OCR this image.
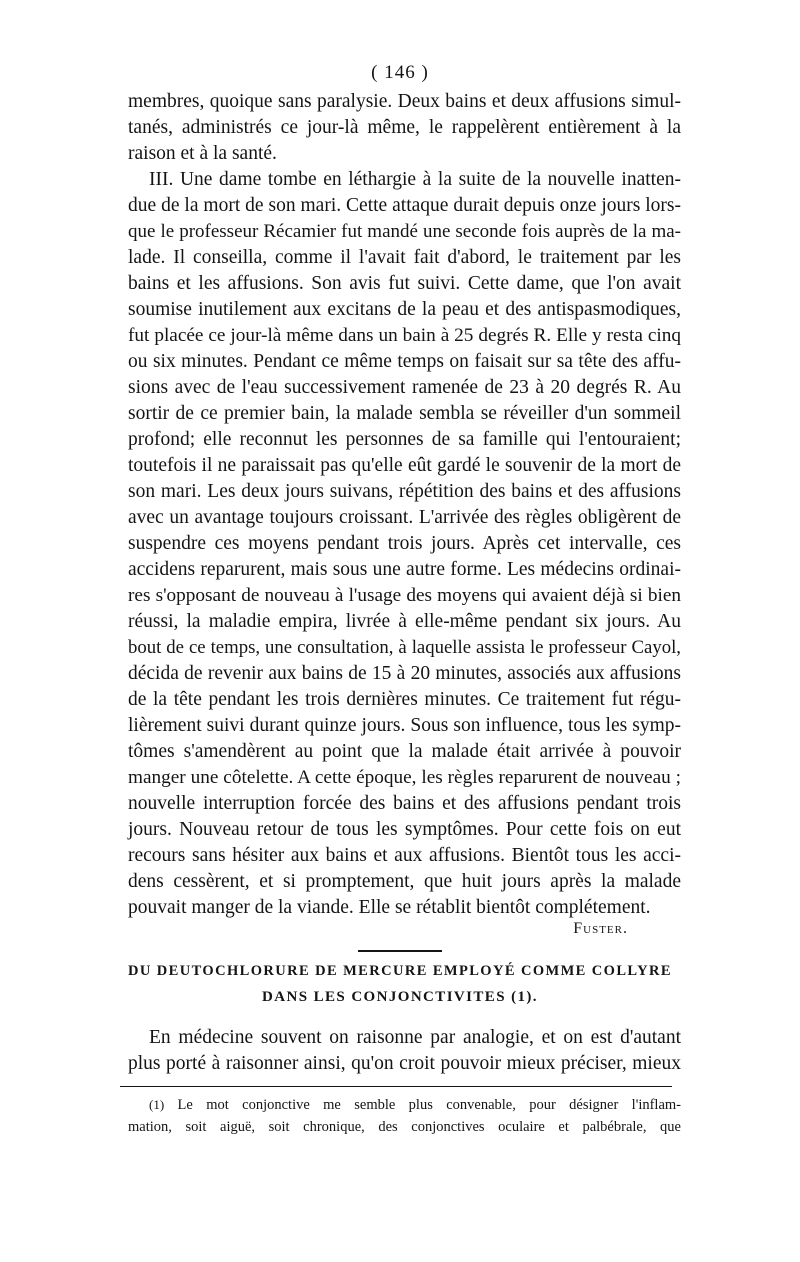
( 146 )
membres, quoique sans paralysie. Deux bains et deux affusions simul-
tanés, administrés ce jour-là même, le rappelèrent entièrement à la
raison et à la santé.
III. Une dame tombe en léthargie à la suite de la nouvelle inatten-
due de la mort de son mari. Cette attaque durait depuis onze jours lors-
que le professeur Récamier fut mandé une seconde fois auprès de la ma-
lade. Il conseilla, comme il l'avait fait d'abord, le traitement par les
bains et les affusions. Son avis fut suivi. Cette dame, que l'on avait
soumise inutilement aux excitans de la peau et des antispasmodiques,
fut placée ce jour-là même dans un bain à 25 degrés R. Elle y resta cinq
ou six minutes. Pendant ce même temps on faisait sur sa tête des affu-
sions avec de l'eau successivement ramenée de 23 à 20 degrés R. Au
sortir de ce premier bain, la malade sembla se réveiller d'un sommeil
profond; elle reconnut les personnes de sa famille qui l'entouraient;
toutefois il ne paraissait pas qu'elle eût gardé le souvenir de la mort de
son mari. Les deux jours suivans, répétition des bains et des affusions
avec un avantage toujours croissant. L'arrivée des règles obligèrent de
suspendre ces moyens pendant trois jours. Après cet intervalle, ces
accidens reparurent, mais sous une autre forme. Les médecins ordinai-
res s'opposant de nouveau à l'usage des moyens qui avaient déjà si bien
réussi, la maladie empira, livrée à elle-même pendant six jours. Au
bout de ce temps, une consultation, à laquelle assista le professeur Cayol,
décida de revenir aux bains de 15 à 20 minutes, associés aux affusions
de la tête pendant les trois dernières minutes. Ce traitement fut régu-
lièrement suivi durant quinze jours. Sous son influence, tous les symp-
tômes s'amendèrent au point que la malade était arrivée à pouvoir
manger une côtelette. A cette époque, les règles reparurent de nouveau ;
nouvelle interruption forcée des bains et des affusions pendant trois
jours. Nouveau retour de tous les symptômes. Pour cette fois on eut
recours sans hésiter aux bains et aux affusions. Bientôt tous les acci-
dens cessèrent, et si promptement, que huit jours après la malade
pouvait manger de la viande. Elle se rétablit bientôt complétement.
Fuster.
DU DEUTOCHLORURE DE MERCURE EMPLOYÉ COMME COLLYRE
DANS LES CONJONCTIVITES (1).
En médecine souvent on raisonne par analogie, et on est d'autant
plus porté à raisonner ainsi, qu'on croit pouvoir mieux préciser, mieux
(1) Le mot conjonctive me semble plus convenable, pour désigner l'inflam-
mation, soit aiguë, soit chronique, des conjonctives oculaire et palbébrale, que
